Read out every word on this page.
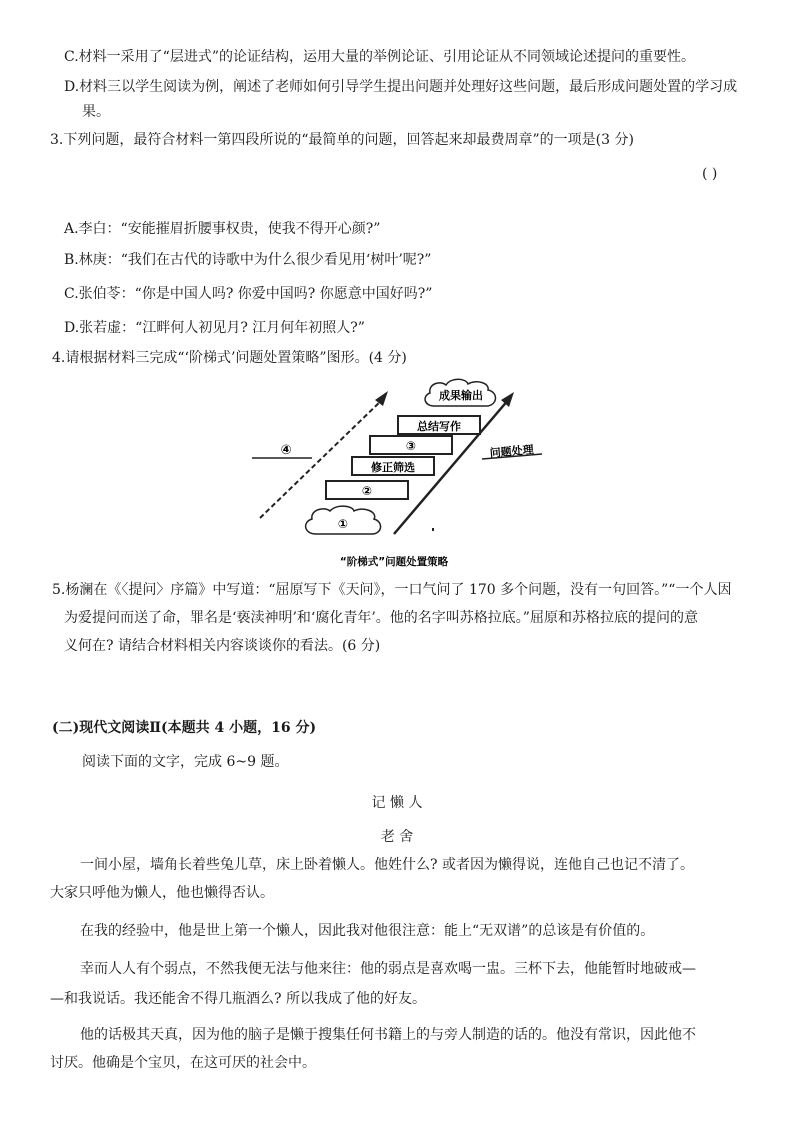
C.材料一采用了“层进式”的论证结构，运用大量的举例论证、引用论证从不同领域论述提问的重要性。
D.材料三以学生阅读为例，阐述了老师如何引导学生提出问题并处理好这些问题，最后形成问题处置的学习成
果。
3.下列问题，最符合材料一第四段所说的“最简单的问题，回答起来却最费周章”的一项是(3 分)
( )
A.李白：“安能摧眉折腰事权贵，使我不得开心颜?”
B.林庚：“我们在古代的诗歌中为什么很少看见用‘树叶’呢?”
C.张伯苓：“你是中国人吗? 你爱中国吗? 你愿意中国好吗?”
D.张若虚：“江畔何人初见月? 江月何年初照人?”
4.请根据材料三完成“‘阶梯式’问题处置策略”图形。(4 分)
④	问题处理
成果输出
总结写作
③
修正筛选
②
①
“阶梯式”问题处置策略
5.杨澜在《〈提问〉序篇》中写道：“屈原写下《天问》，一口气问了 170 多个问题，没有一句回答。”“一个人因
为爱提问而送了命，罪名是‘亵渎神明’和‘腐化青年’。他的名字叫苏格拉底。”屈原和苏格拉底的提问的意
义何在? 请结合材料相关内容谈谈你的看法。(6 分)
(二)现代文阅读Ⅱ(本题共 4 小题，16 分)
阅读下面的文字，完成 6~9 题。
记 懒 人
老 舍
一间小屋，墙角长着些兔儿草，床上卧着懒人。他姓什么? 或者因为懒得说，连他自己也记不清了。
大家只呼他为懒人，他也懒得否认。
在我的经验中，他是世上第一个懒人，因此我对他很注意：能上“无双谱”的总该是有价值的。
幸而人人有个弱点，不然我便无法与他来往：他的弱点是喜欢喝一盅。三杯下去，他能暂时地破戒—
—和我说话。我还能舍不得几瓶酒么? 所以我成了他的好友。
他的话极其天真，因为他的脑子是懒于搜集任何书籍上的与旁人制造的话的。他没有常识，因此他不
讨厌。他确是个宝贝，在这可厌的社会中。
